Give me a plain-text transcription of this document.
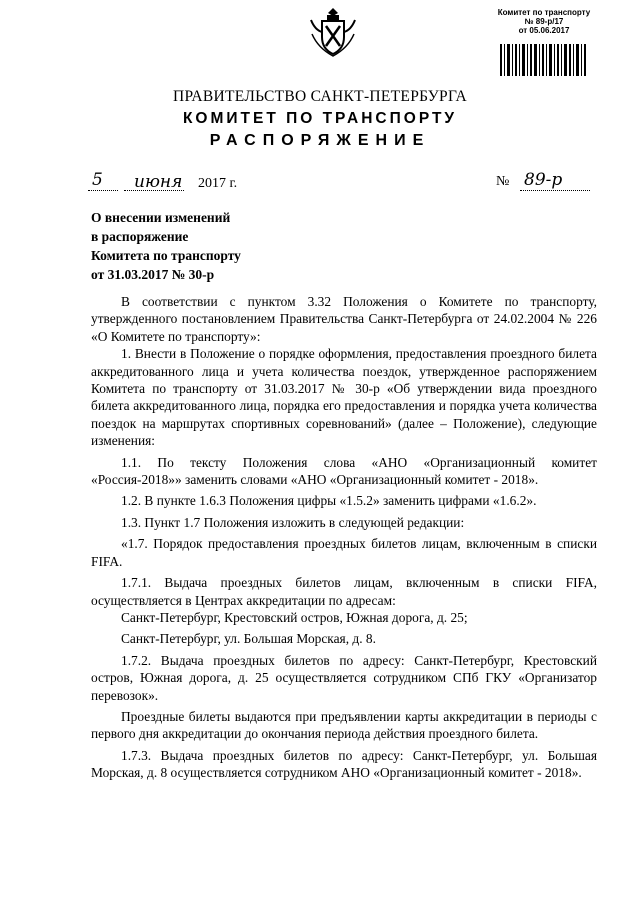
Комитет по транспорту
№ 89-р/17
от 05.06.2017
ПРАВИТЕЛЬСТВО САНКТ-ПЕТЕРБУРГА
КОМИТЕТ ПО ТРАНСПОРТУ
РАСПОРЯЖЕНИЕ
5 июня 2017 г.	№ 89-р
О внесении изменений
в распоряжение
Комитета по транспорту
от 31.03.2017 № 30-р

В соответствии с пунктом 3.32 Положения о Комитете по транспорту, утвержденного постановлением Правительства Санкт-Петербурга от 24.02.2004 № 226 «О Комитете по транспорту»:

1. Внести в Положение о порядке оформления, предоставления проездного билета аккредитованного лица и учета количества поездок, утвержденное распоряжением Комитета по транспорту от 31.03.2017 № 30-р «Об утверждении вида проездного билета аккредитованного лица, порядка его предоставления и порядка учета количества поездок на маршрутах спортивных соревнований» (далее – Положение), следующие изменения:

1.1. По тексту Положения слова «АНО «Организационный комитет «Россия-2018»» заменить словами «АНО «Организационный комитет - 2018».

1.2. В пункте 1.6.3 Положения цифры «1.5.2» заменить цифрами «1.6.2».

1.3. Пункт 1.7 Положения изложить в следующей редакции:

«1.7. Порядок предоставления проездных билетов лицам, включенным в списки FIFA.

1.7.1. Выдача проездных билетов лицам, включенным в списки FIFA, осуществляется в Центрах аккредитации по адресам:

Санкт-Петербург, Крестовский остров, Южная дорога, д. 25;

Санкт-Петербург, ул. Большая Морская, д. 8.

1.7.2. Выдача проездных билетов по адресу: Санкт-Петербург, Крестовский остров, Южная дорога, д. 25 осуществляется сотрудником СПб ГКУ «Организатор перевозок».

Проездные билеты выдаются при предъявлении карты аккредитации в периоды с первого дня аккредитации до окончания периода действия проездного билета.

1.7.3. Выдача проездных билетов по адресу: Санкт-Петербург, ул. Большая Морская, д. 8 осуществляется сотрудником АНО «Организационный комитет - 2018».
